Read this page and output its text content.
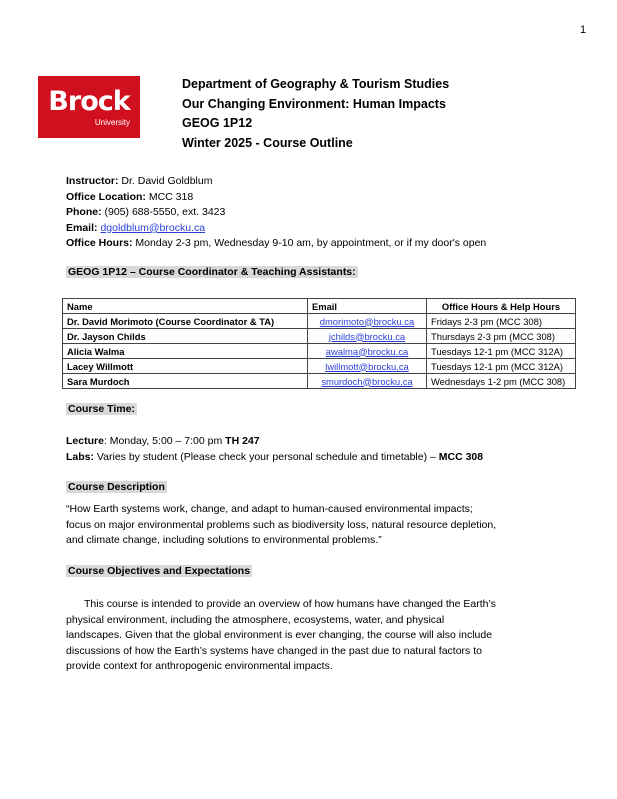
1
Brock
University
Department of Geography & Tourism Studies
Our Changing Environment: Human Impacts
GEOG 1P12
Winter 2025 - Course Outline
Instructor: Dr. David Goldblum
Office Location: MCC 318
Phone: (905) 688-5550, ext. 3423
Email: dgoldblum@brocku.ca
Office Hours: Monday 2-3 pm, Wednesday 9-10 am, by appointment, or if my door's open
GEOG 1P12 – Course Coordinator & Teaching Assistants:
Name	Email	Office Hours & Help Hours
Dr. David Morimoto (Course Coordinator & TA)	dmorimoto@brocku.ca	Fridays 2-3 pm (MCC 308)
Dr. Jayson Childs	jchilds@brocku.ca	Thursdays 2-3 pm (MCC 308)
Alicia Walma	awalma@brocku.ca	Tuesdays 12-1 pm (MCC 312A)
Lacey Willmott	lwillmott@brocku.ca	Tuesdays 12-1 pm (MCC 312A)
Sara Murdoch	smurdoch@brocku.ca	Wednesdays 1-2 pm (MCC 308)
Course Time:
Lecture: Monday, 5:00 – 7:00 pm TH 247
Labs: Varies by student (Please check your personal schedule and timetable) – MCC 308
Course Description
“How Earth systems work, change, and adapt to human-caused environmental impacts;
focus on major environmental problems such as biodiversity loss, natural resource depletion,
and climate change, including solutions to environmental problems.”
Course Objectives and Expectations
This course is intended to provide an overview of how humans have changed the Earth’s
physical environment, including the atmosphere, ecosystems, water, and physical
landscapes. Given that the global environment is ever changing, the course will also include
discussions of how the Earth’s systems have changed in the past due to natural factors to
provide context for anthropogenic environmental impacts.
